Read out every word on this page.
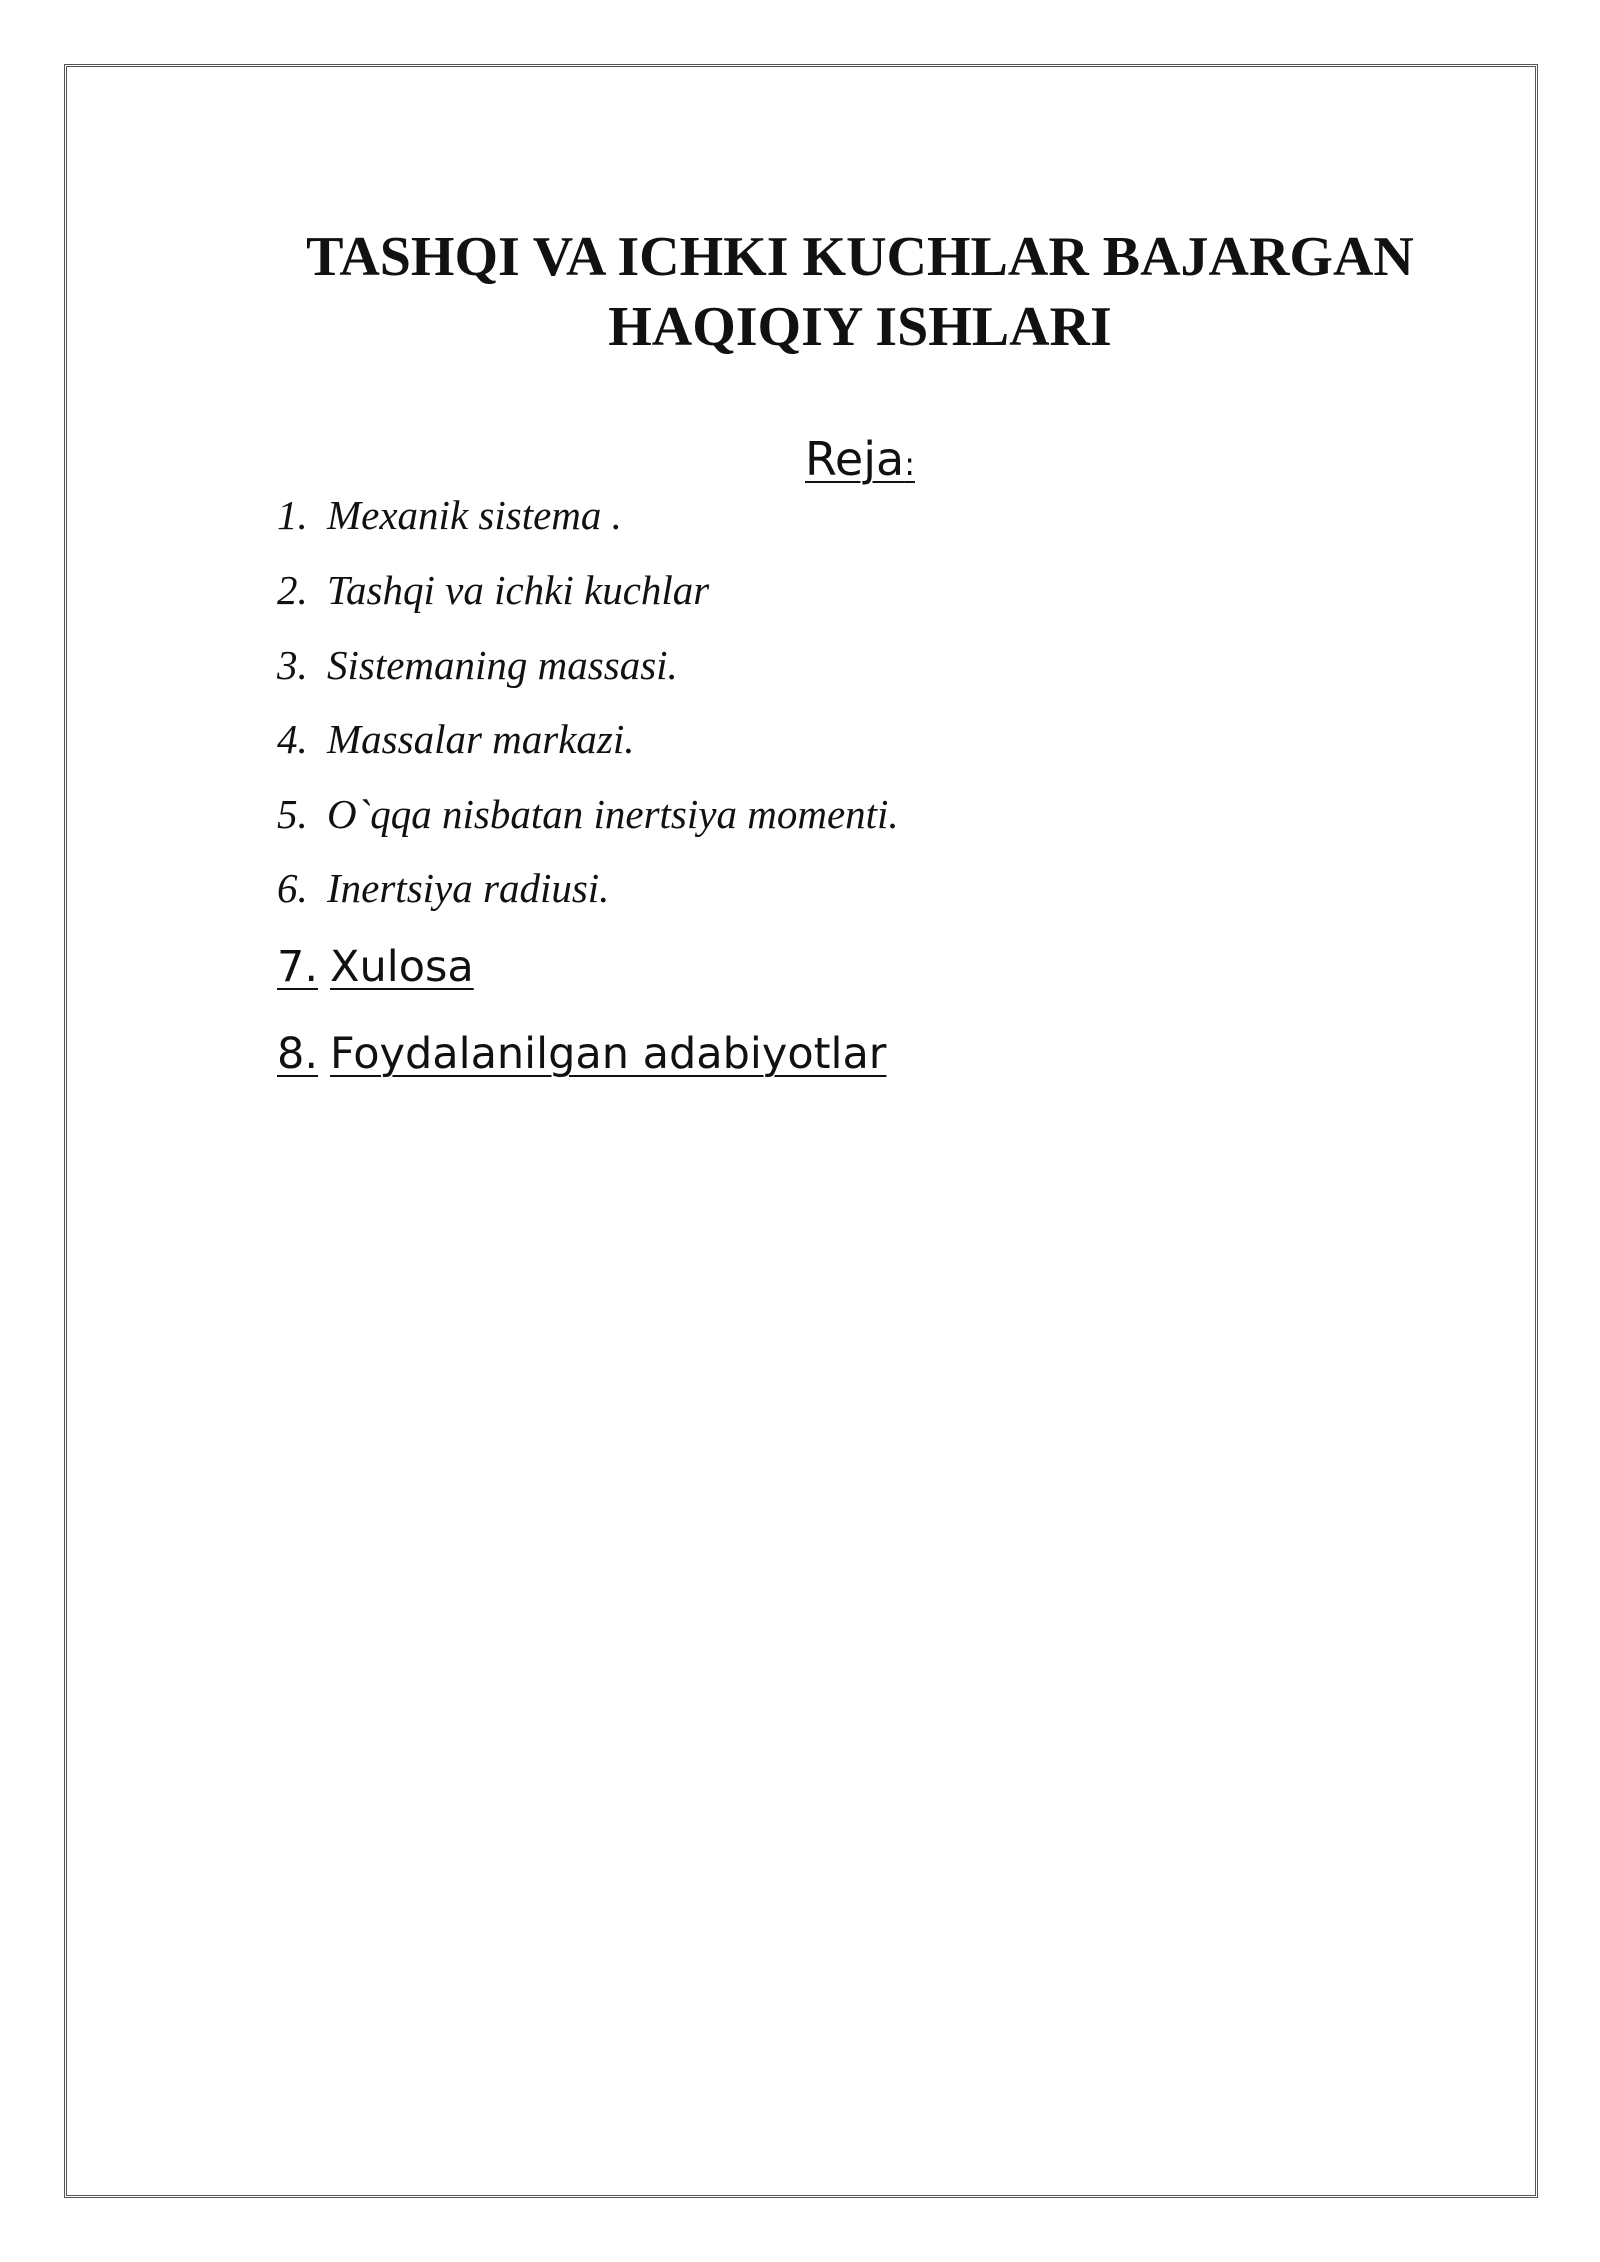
TASHQI VA ICHKI KUCHLAR BAJARGAN
HAQIQIY ISHLARI
Reja:
1. Mexanik sistema .
2. Tashqi va ichki kuchlar
3. Sistemaning massasi.
4. Massalar markazi.
5. O`qqa nisbatan inertsiya momenti.
6. Inertsiya radiusi.
7. Xulosa
8. Foydalanilgan adabiyotlar
